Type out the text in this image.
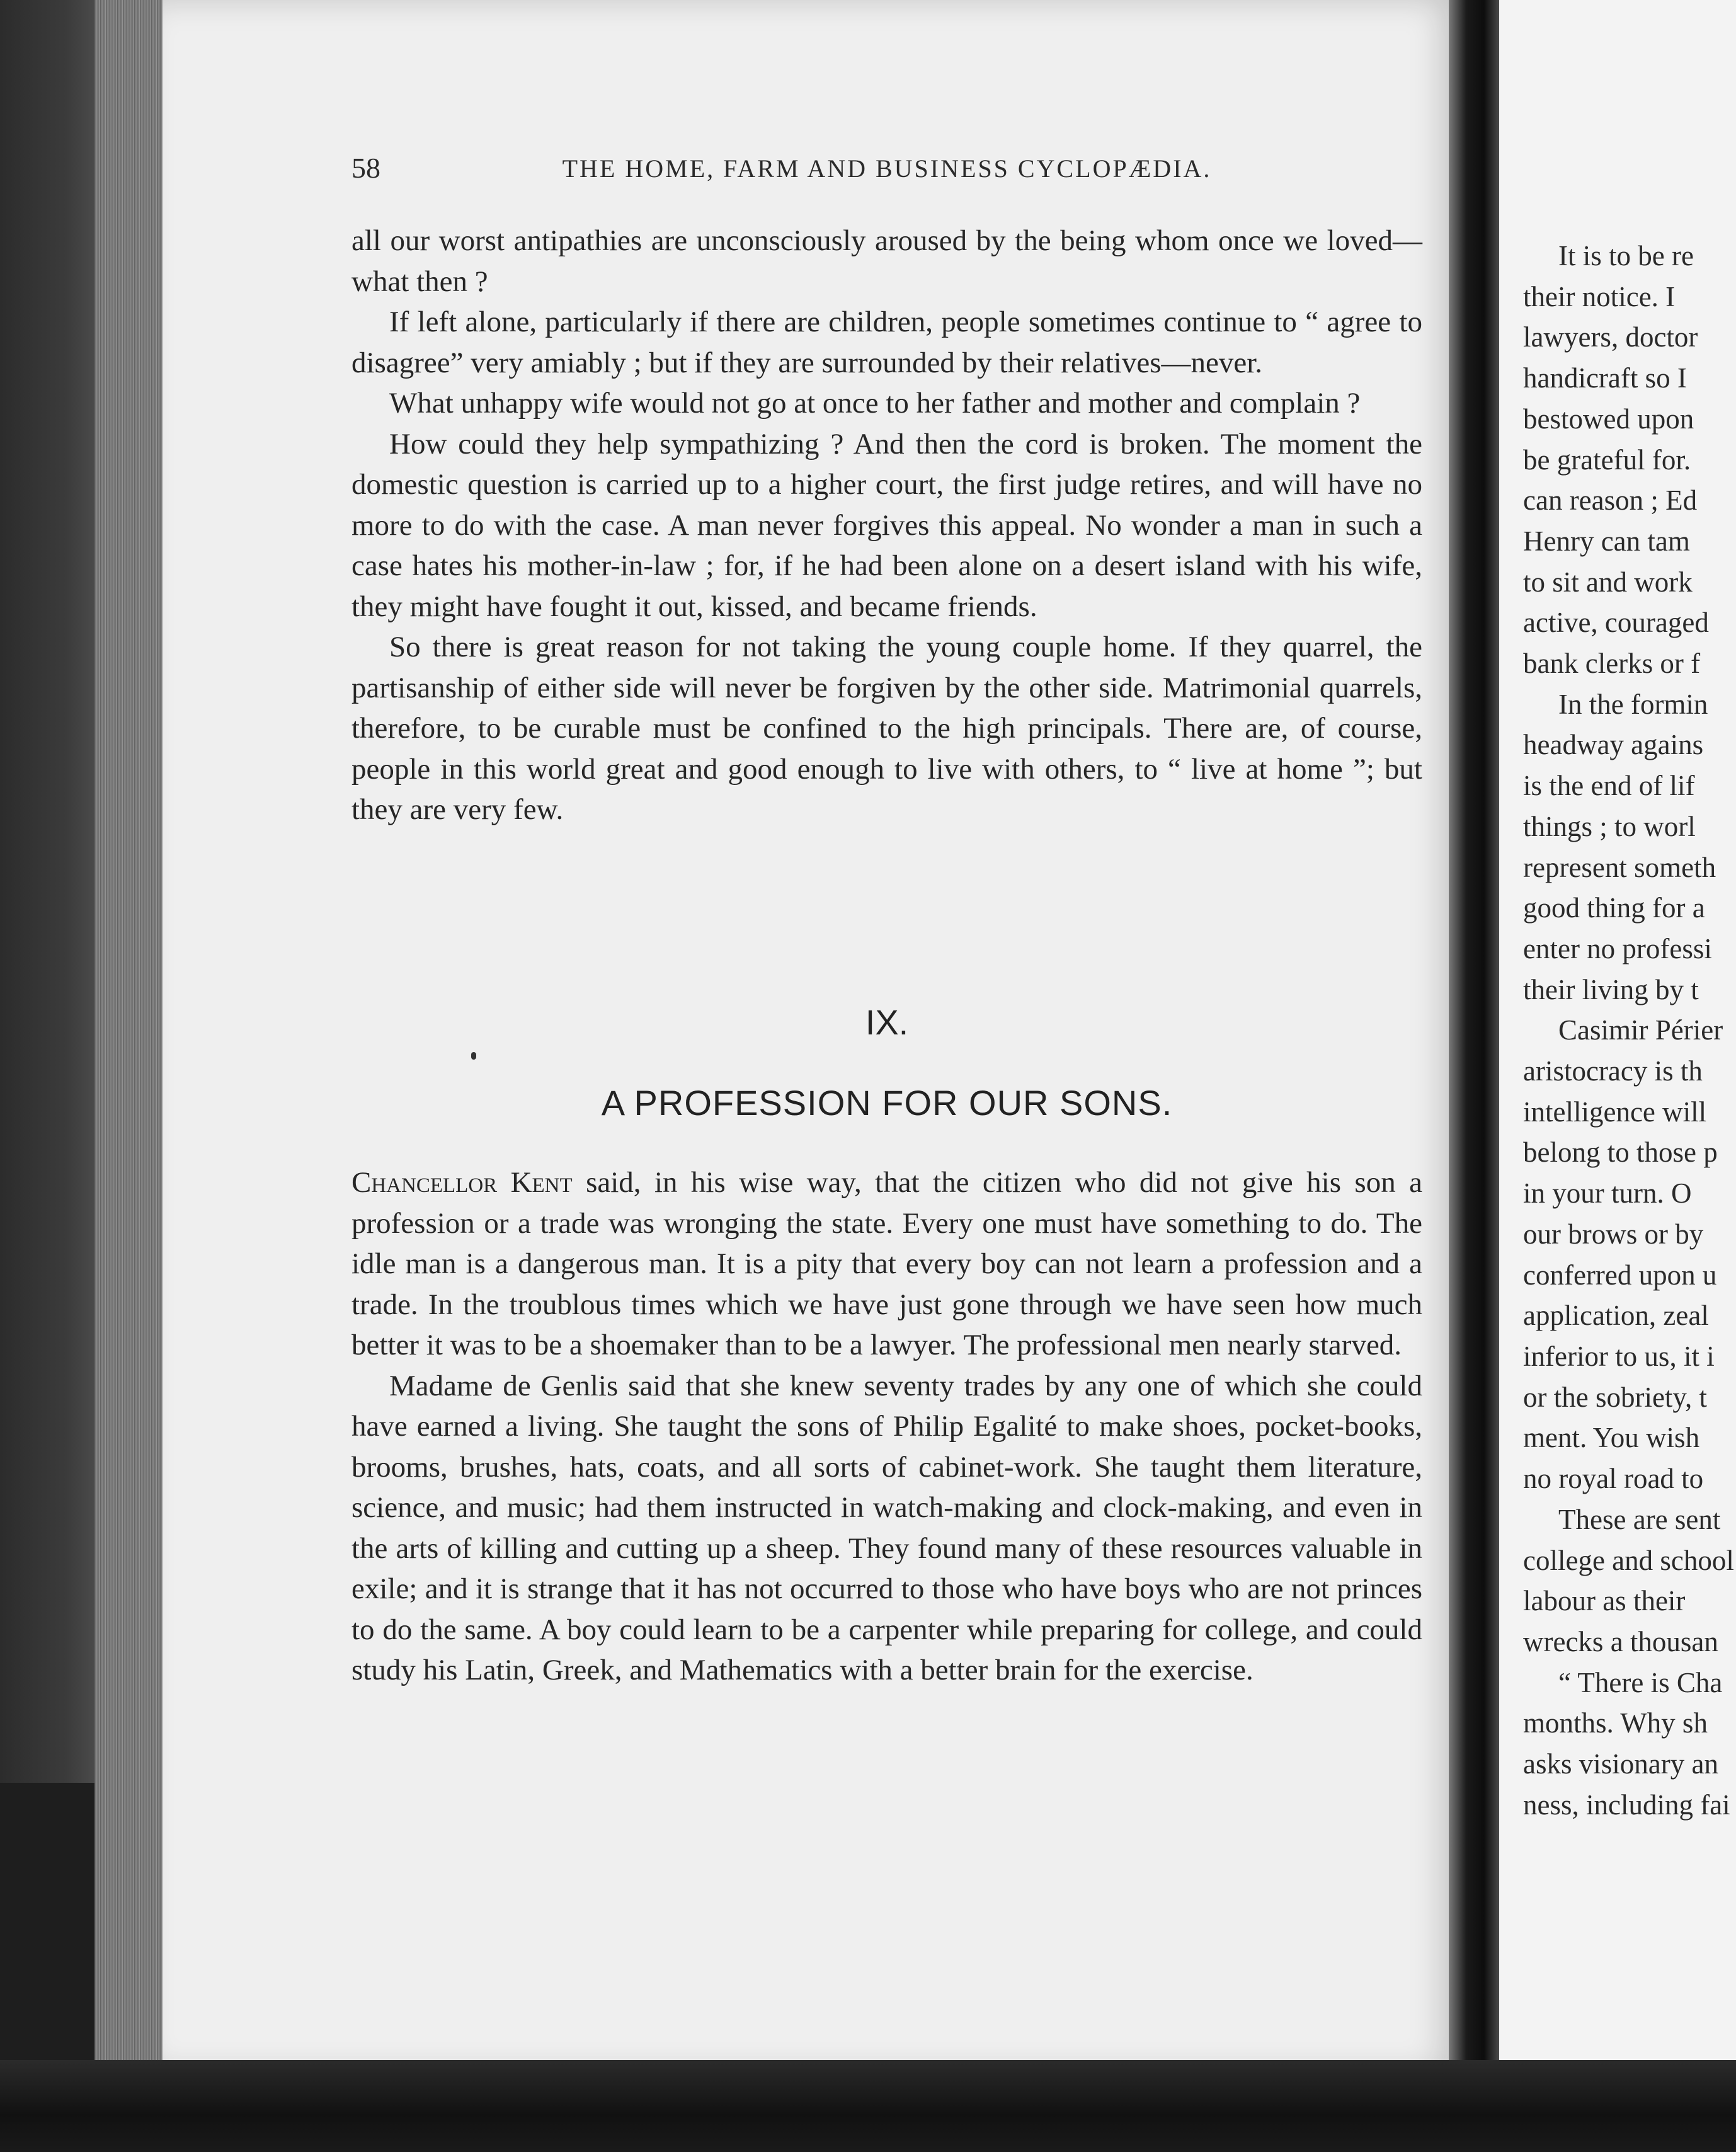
58	THE HOME, FARM AND BUSINESS CYCLOPÆDIA.

all our worst antipathies are unconsciously aroused by the being whom once we loved—what then ?

If left alone, particularly if there are children, people sometimes continue to “ agree to disagree” very amiably ; but if they are surrounded by their relatives—never.

What unhappy wife would not go at once to her father and mother and complain ?

How could they help sympathizing ? And then the cord is broken. The moment the domestic question is carried up to a higher court, the first judge retires, and will have no more to do with the case. A man never forgives this appeal. No wonder a man in such a case hates his mother-in-law ; for, if he had been alone on a desert island with his wife, they might have fought it out, kissed, and became friends.

So there is great reason for not taking the young couple home. If they quarrel, the partisanship of either side will never be forgiven by the other side. Matrimonial quarrels, therefore, to be curable must be confined to the high principals. There are, of course, people in this world great and good enough to live with others, to “ live at home ”; but they are very few.

IX.
A PROFESSION FOR OUR SONS.

Chancellor Kent said, in his wise way, that the citizen who did not give his son a profession or a trade was wronging the state. Every one must have something to do. The idle man is a dangerous man. It is a pity that every boy can not learn a profession and a trade. In the troublous times which we have just gone through we have seen how much better it was to be a shoemaker than to be a lawyer. The professional men nearly starved.

Madame de Genlis said that she knew seventy trades by any one of which she could have earned a living. She taught the sons of Philip Egalité to make shoes, pocket-books, brooms, brushes, hats, coats, and all sorts of cabinet-work. She taught them literature, science, and music; had them instructed in watch-making and clock-making, and even in the arts of killing and cutting up a sheep. They found many of these resources valuable in exile; and it is strange that it has not occurred to those who have boys who are not princes to do the same. A boy could learn to be a carpenter while preparing for college, and could study his Latin, Greek, and Mathematics with a better brain for the exercise.

It is to be re
their notice. I
lawyers, doctor
handicraft so I
bestowed upon
be grateful for.
can reason ; Ed
Henry can tam
to sit and work
active, couraged
bank clerks or f
In the formin
headway agains
is the end of lif
things ; to worl
represent someth
good thing for a
enter no professi
their living by t
Casimir Périer
aristocracy is th
intelligence will
belong to those p
in your turn. O
our brows or by
conferred upon u
application, zeal
inferior to us, it i
or the sobriety, t
ment. You wish
no royal road to
These are sent
college and school
labour as their
wrecks a thousan
“ There is Cha
months. Why sh
asks visionary an
ness, including fai
